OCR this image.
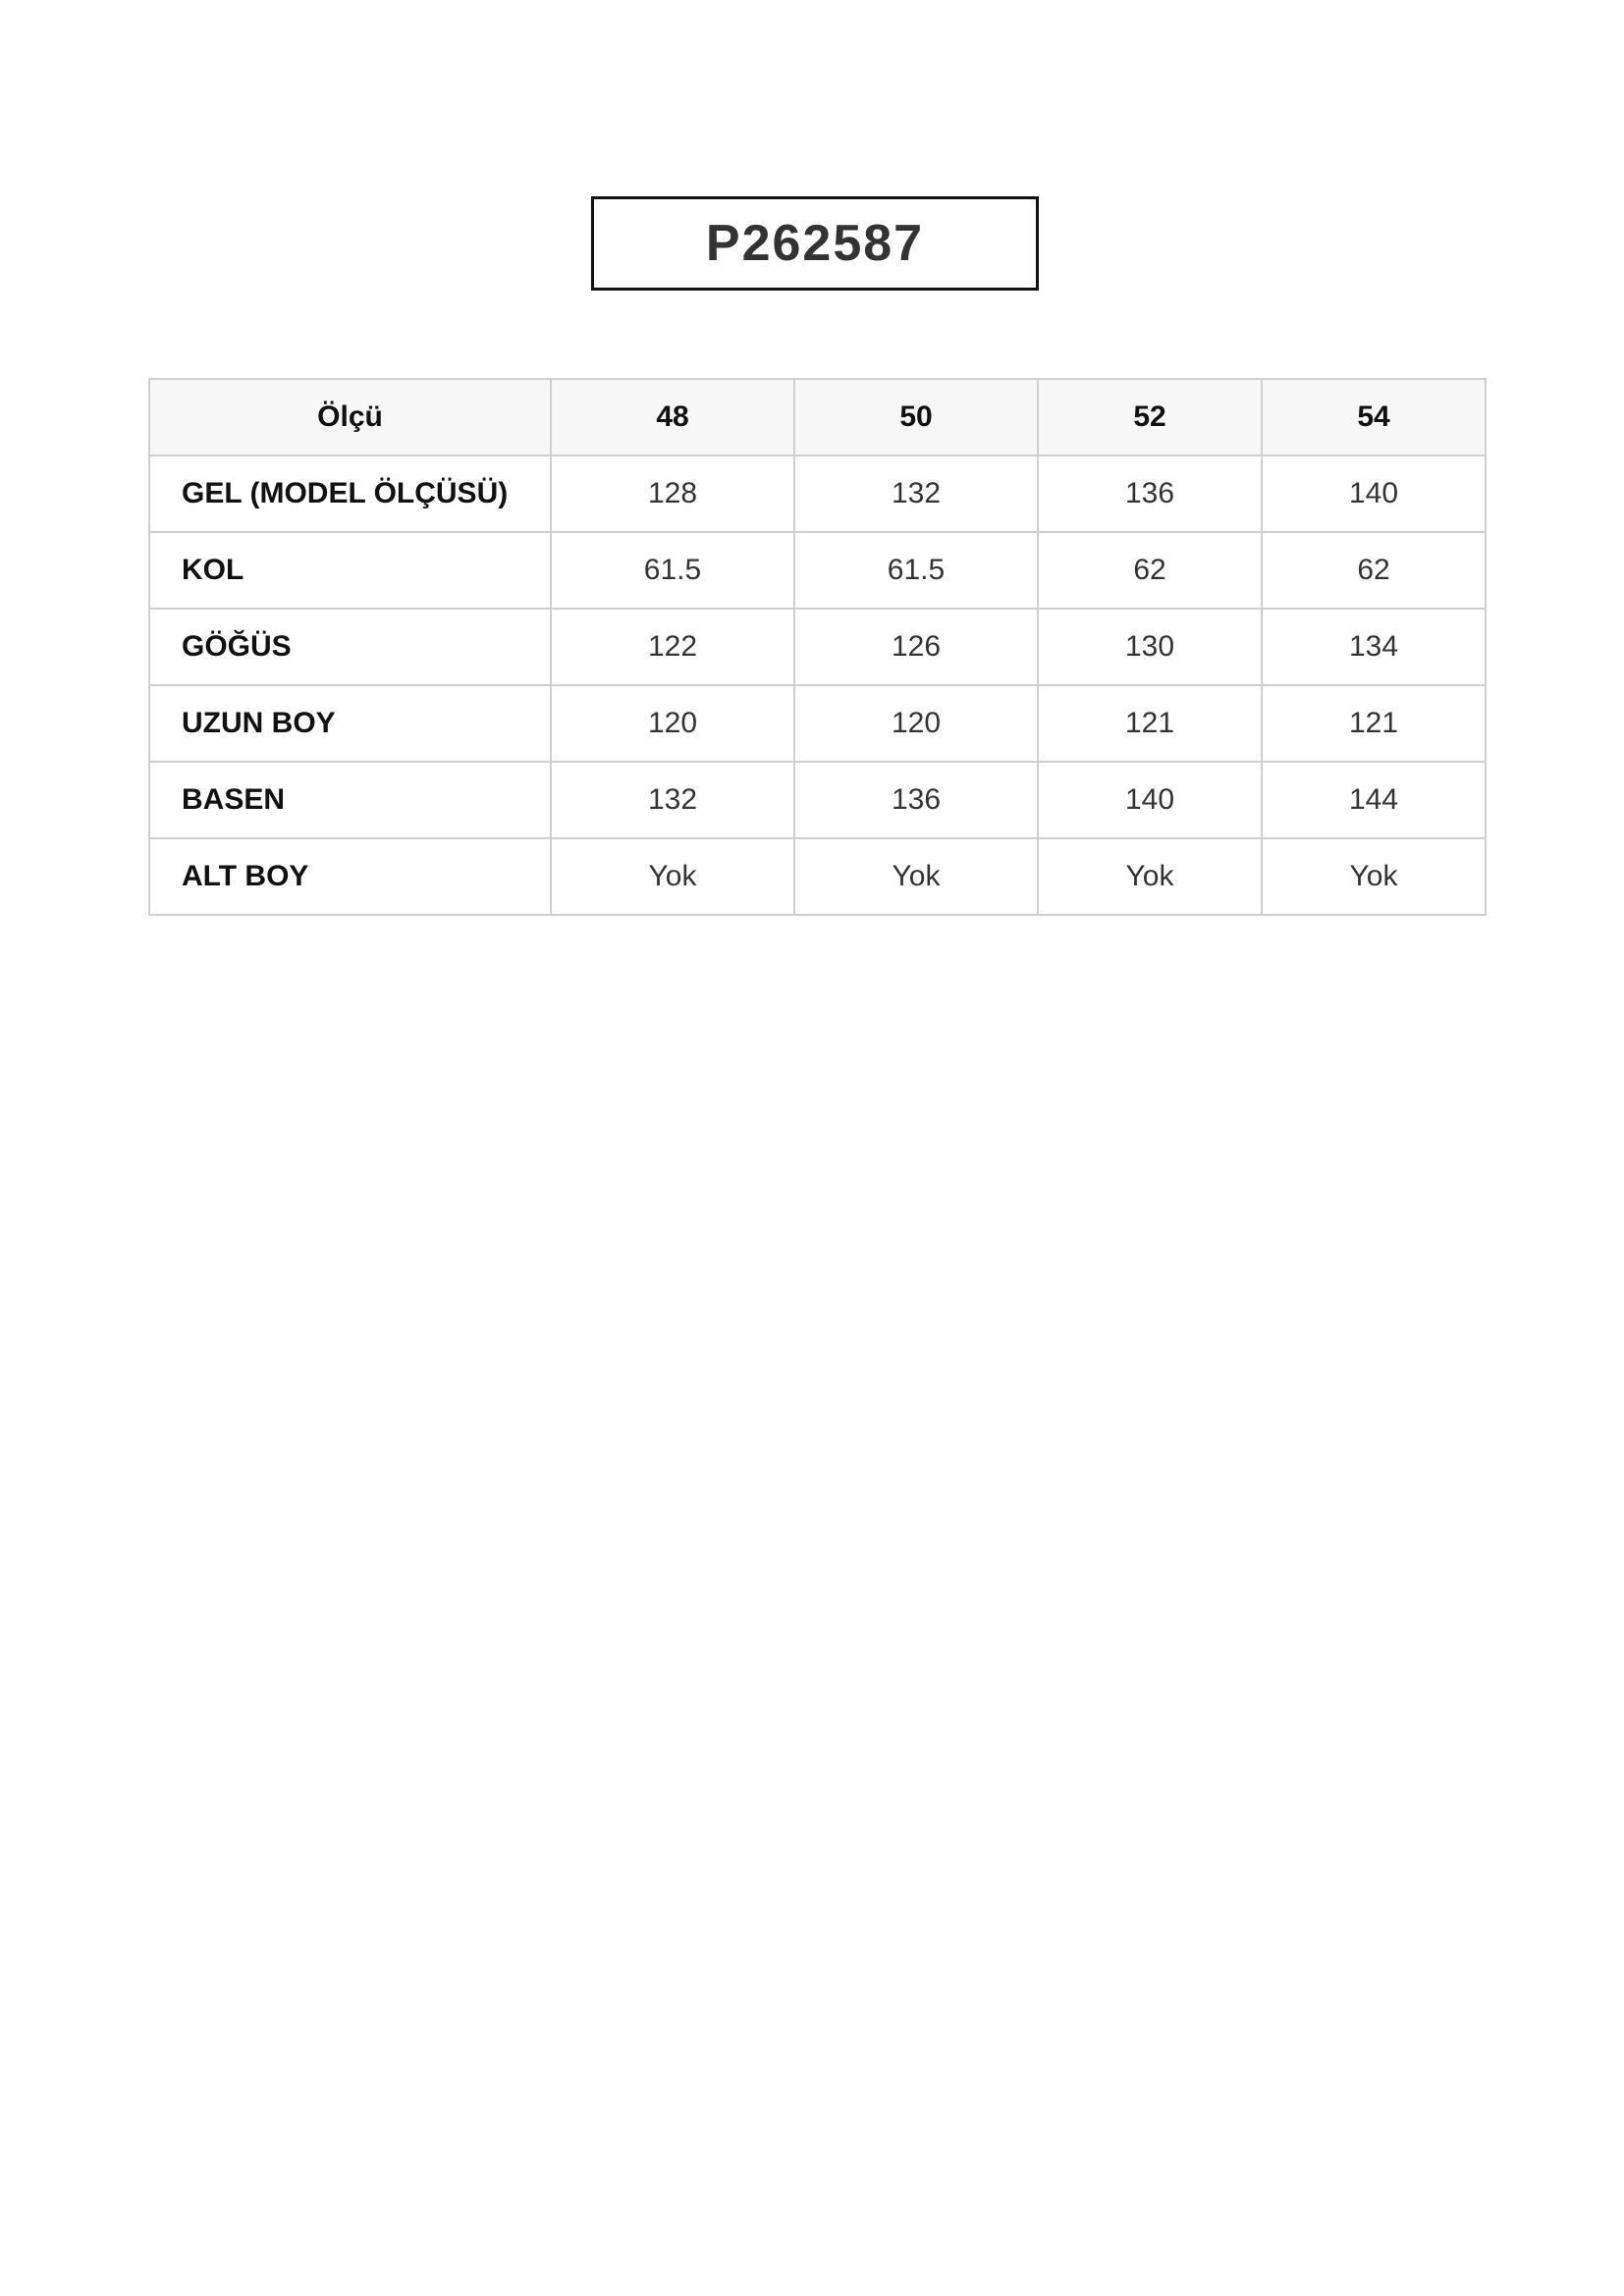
P262587
Ölçü	48	50	52	54
GEL (MODEL ÖLÇÜSÜ)	128	132	136	140
KOL	61.5	61.5	62	62
GÖĞÜS	122	126	130	134
UZUN BOY	120	120	121	121
BASEN	132	136	140	144
ALT BOY	Yok	Yok	Yok	Yok
